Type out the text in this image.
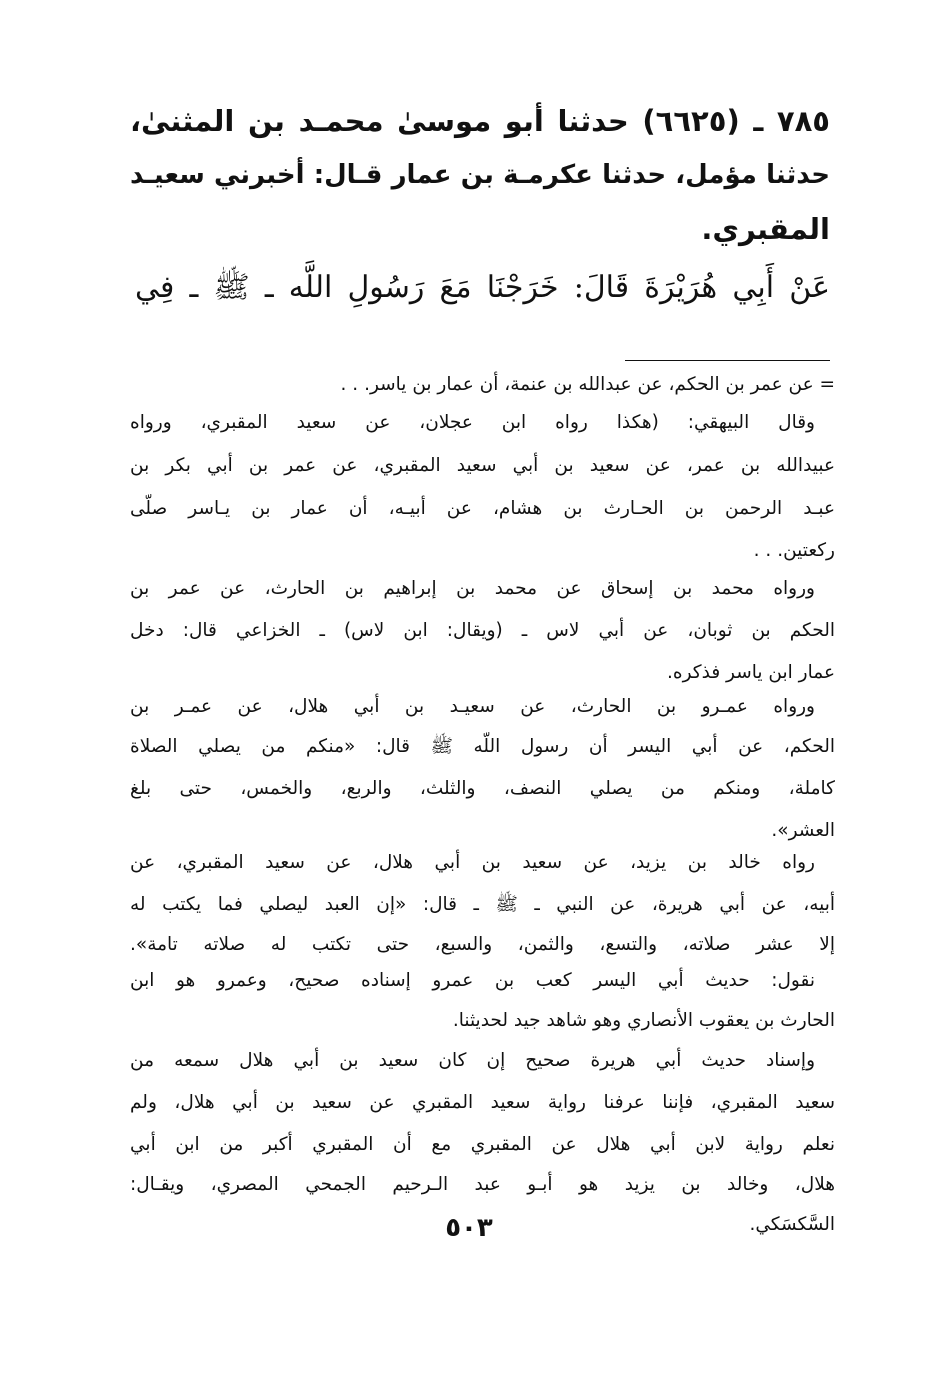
٧٨٥ ـ (٦٦٢٥) حدثنا أبو موسىٰ محمـد بن المثنىٰ،
حدثنا مؤمل، حدثنا عكرمـة بن عمار قـال: أخبرني سعيـد
المقبري.
عَنْ أَبِي هُرَيْرَةَ قَالَ: خَرَجْنَا مَعَ رَسُولِ اللَّه ـ ﷺ ـ فِي
= عن عمر بن الحكم، عن عبدالله بن عنمة، أن عمار بن ياسر. . .
وقال البيهقي: (هكذا رواه ابن عجلان، عن سعيد المقبري، ورواه
عبيدالله بن عمر، عن سعيد بن أبي سعيد المقبري، عن عمر بن أبي بكر بن
عبـد الرحمن بن الحـارث بن هشام، عن أبيـه، أن عمار بن يـاسر صلّى
ركعتين. . .
ورواه محمد بن إسحاق عن محمد بن إبراهيم بن الحارث، عن عمر بن
الحكم بن ثوبان، عن أبي لاس ـ (ويقال: ابن لاس) ـ الخزاعي قال: دخل
عمار ابن ياسر فذكره.
ورواه عمـرو بن الحارث، عن سعيـد بن أبي هلال، عن عمـر بن
الحكم، عن أبي اليسر أن رسول اللّه ﷺ قال: «منكم من يصلي الصلاة
كاملة، ومنكم من يصلي النصف، والثلث، والربع، والخمس، حتى بلغ
العشر».
رواه خالد بن يزيد، عن سعيد بن أبي هلال، عن سعيد المقبري، عن
أبيه، عن أبي هريرة، عن النبي ـ ﷺ ـ قال: «إن العبد ليصلي فما يكتب له
إلا عشر صلاته، والتسع، والثمن، والسبع، حتى تكتب له صلاته تامة».
نقول: حديث أبي اليسر كعب بن عمرو إسناده صحيح، وعمرو هو ابن
الحارث بن يعقوب الأنصاري وهو شاهد جيد لحديثنا.
وإسناد حديث أبي هريرة صحيح إن كان سعيد بن أبي هلال سمعه من
سعيد المقبري، فإننا عرفنا رواية سعيد المقبري عن سعيد بن أبي هلال، ولم
نعلم رواية لابن أبي هلال عن المقبري مع أن المقبري أكبر من ابن أبي
هلال، وخالد بن يزيد هو أبـو عبد الـرحيم الجمحي المصري، ويقـال:
السَّكسَكي.
٥٠٣
